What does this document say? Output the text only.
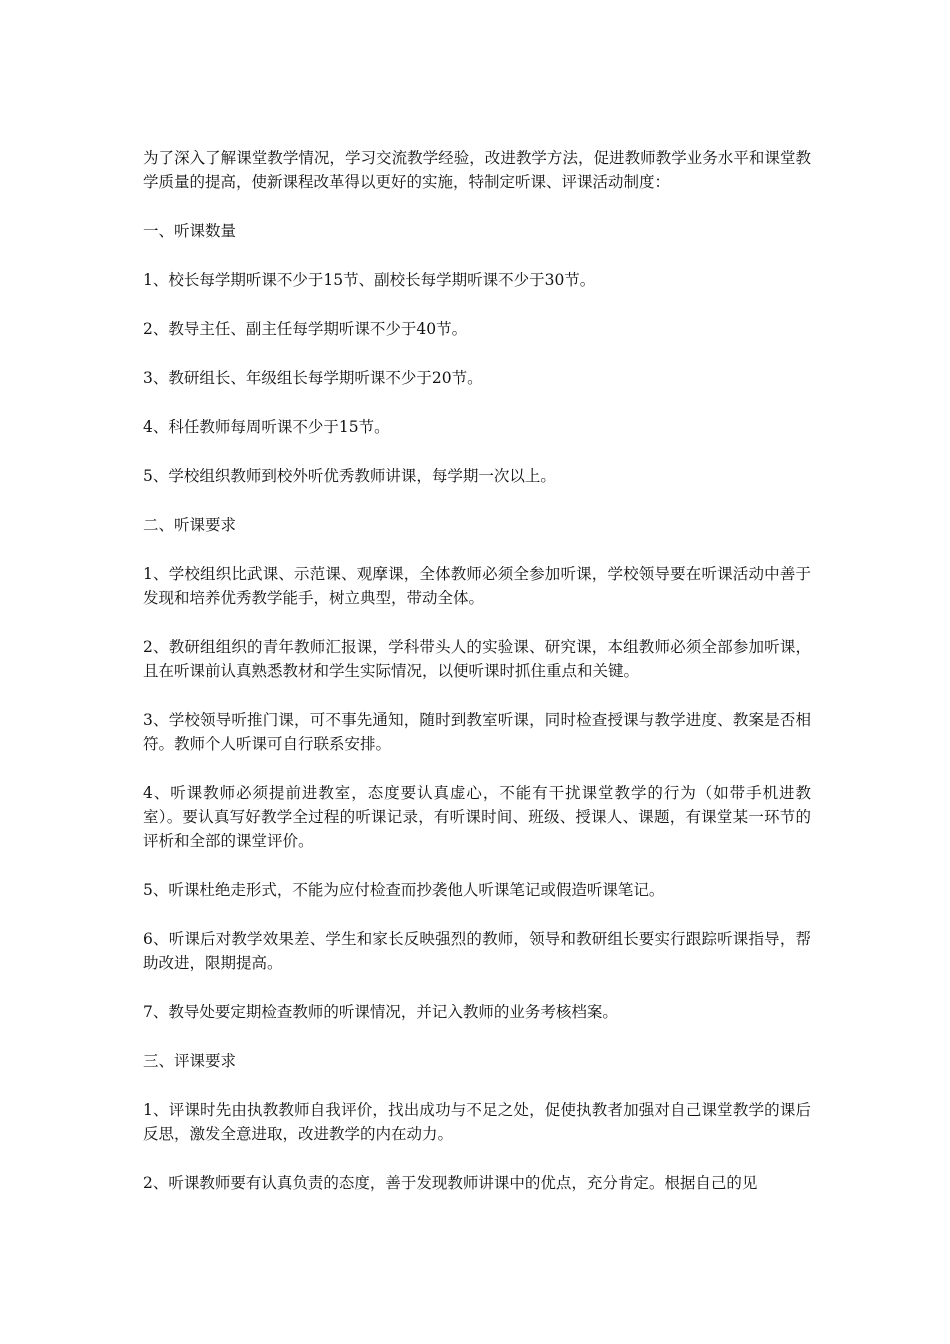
为了深入了解课堂教学情况，学习交流教学经验，改进教学方法，促进教师教学业务水平和课堂教学质量的提高，使新课程改革得以更好的实施，特制定听课、评课活动制度：

一、听课数量

1、校长每学期听课不少于15节、副校长每学期听课不少于30节。

2、教导主任、副主任每学期听课不少于40节。

3、教研组长、年级组长每学期听课不少于20节。

4、科任教师每周听课不少于15节。

5、学校组织教师到校外听优秀教师讲课，每学期一次以上。

二、听课要求

1、学校组织比武课、示范课、观摩课，全体教师必须全参加听课，学校领导要在听课活动中善于发现和培养优秀教学能手，树立典型，带动全体。

2、教研组组织的青年教师汇报课，学科带头人的实验课、研究课，本组教师必须全部参加听课，且在听课前认真熟悉教材和学生实际情况，以便听课时抓住重点和关键。

3、学校领导听推门课，可不事先通知，随时到教室听课，同时检查授课与教学进度、教案是否相符。教师个人听课可自行联系安排。

4、听课教师必须提前进教室，态度要认真虚心，不能有干扰课堂教学的行为（如带手机进教室）。要认真写好教学全过程的听课记录，有听课时间、班级、授课人、课题，有课堂某一环节的评析和全部的课堂评价。

5、听课杜绝走形式，不能为应付检查而抄袭他人听课笔记或假造听课笔记。

6、听课后对教学效果差、学生和家长反映强烈的教师，领导和教研组长要实行跟踪听课指导，帮助改进，限期提高。

7、教导处要定期检查教师的听课情况，并记入教师的业务考核档案。

三、评课要求

1、评课时先由执教教师自我评价，找出成功与不足之处，促使执教者加强对自己课堂教学的课后反思，激发全意进取，改进教学的内在动力。

2、听课教师要有认真负责的态度，善于发现教师讲课中的优点，充分肯定。根据自己的见
